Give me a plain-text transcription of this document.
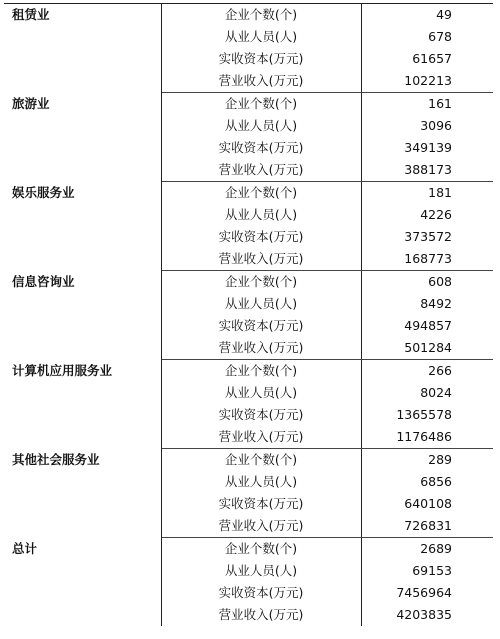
租赁业	企业个数(个)	49
	从业人员(人)	678
	实收资本(万元)	61657
	营业收入(万元)	102213
旅游业	企业个数(个)	161
	从业人员(人)	3096
	实收资本(万元)	349139
	营业收入(万元)	388173
娱乐服务业	企业个数(个)	181
	从业人员(人)	4226
	实收资本(万元)	373572
	营业收入(万元)	168773
信息咨询业	企业个数(个)	608
	从业人员(人)	8492
	实收资本(万元)	494857
	营业收入(万元)	501284
计算机应用服务业	企业个数(个)	266
	从业人员(人)	8024
	实收资本(万元)	1365578
	营业收入(万元)	1176486
其他社会服务业	企业个数(个)	289
	从业人员(人)	6856
	实收资本(万元)	640108
	营业收入(万元)	726831
总计	企业个数(个)	2689
	从业人员(人)	69153
	实收资本(万元)	7456964
	营业收入(万元)	4203835
